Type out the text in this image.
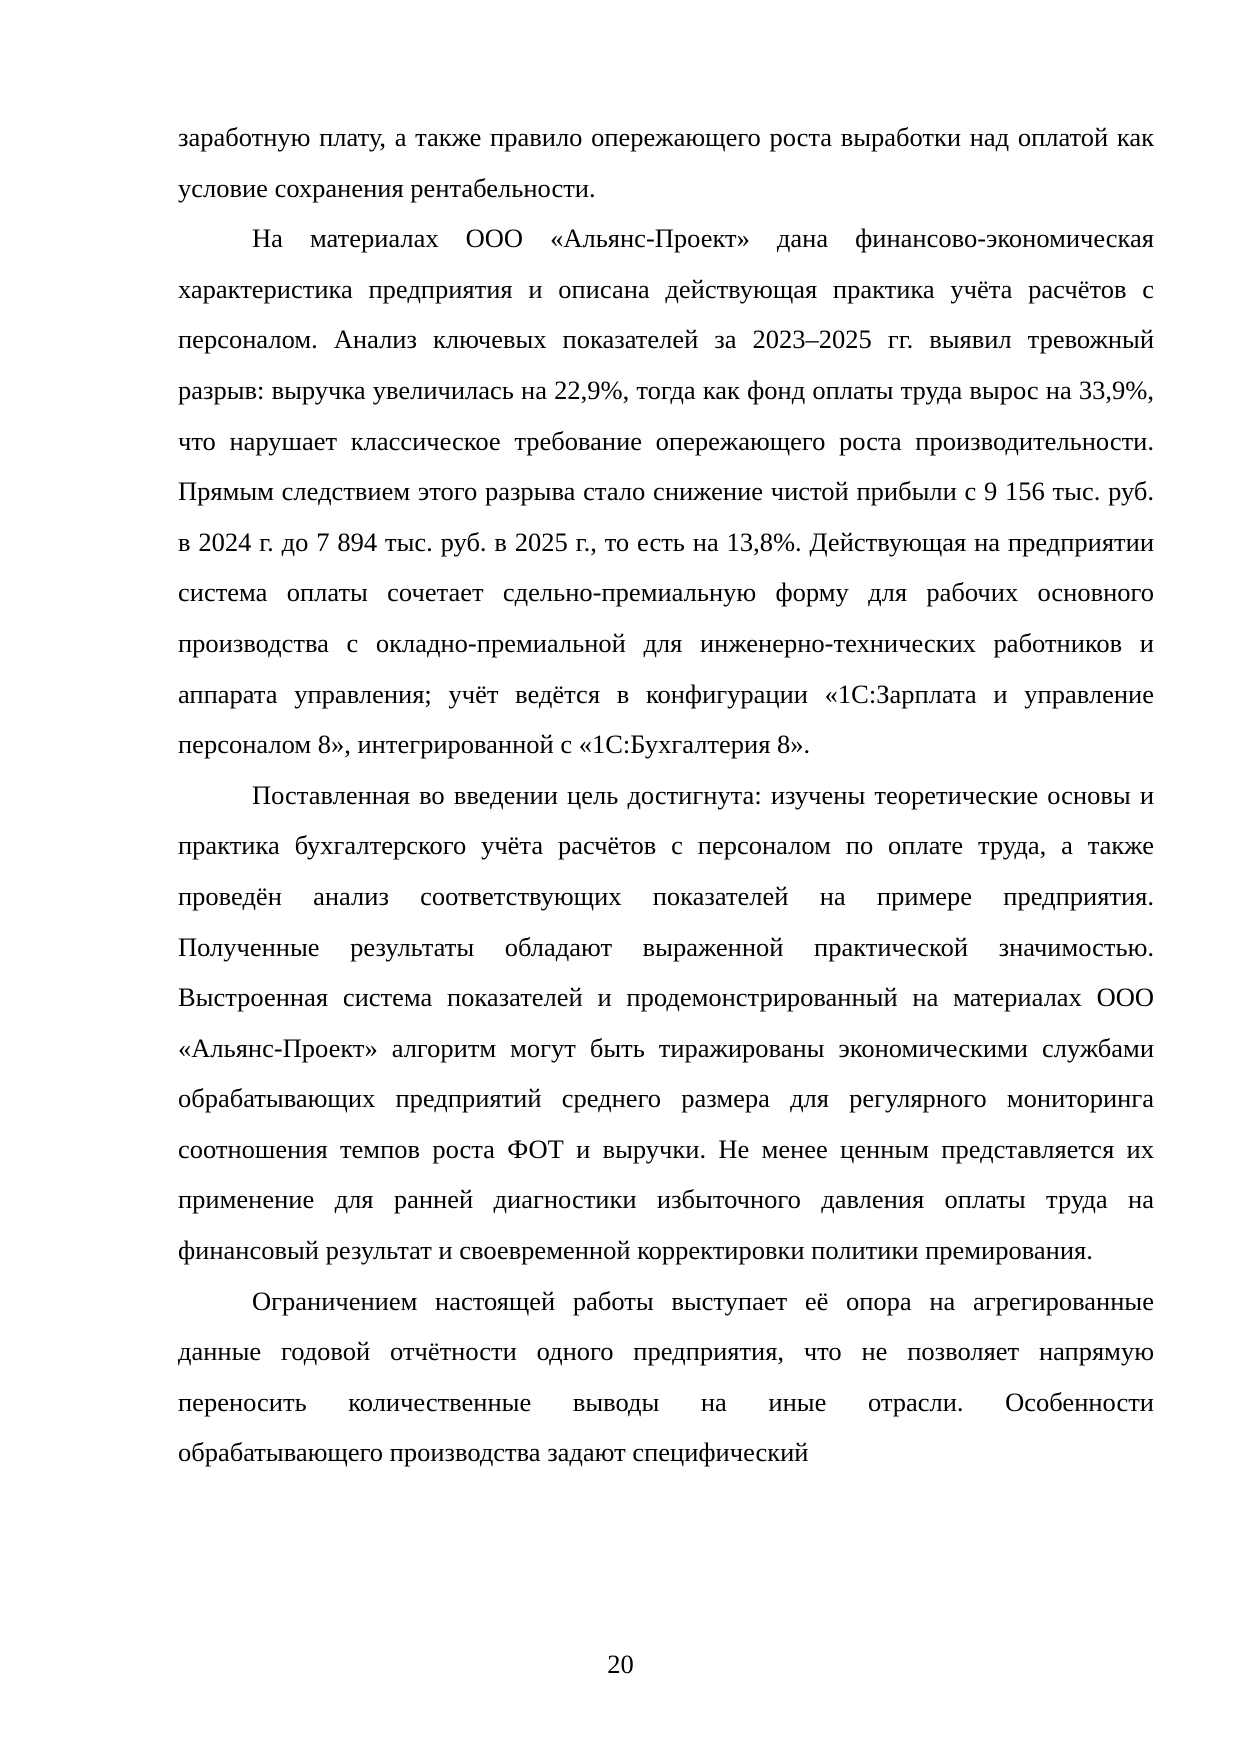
заработную плату, а также правило опережающего роста выработки над оплатой как условие сохранения рентабельности.

На материалах ООО «Альянс-Проект» дана финансово-экономическая характеристика предприятия и описана действующая практика учёта расчётов с персоналом. Анализ ключевых показателей за 2023–2025 гг. выявил тревожный разрыв: выручка увеличилась на 22,9%, тогда как фонд оплаты труда вырос на 33,9%, что нарушает классическое требование опережающего роста производительности. Прямым следствием этого разрыва стало снижение чистой прибыли с 9 156 тыс. руб. в 2024 г. до 7 894 тыс. руб. в 2025 г., то есть на 13,8%. Действующая на предприятии система оплаты сочетает сдельно-премиальную форму для рабочих основного производства с окладно-премиальной для инженерно-технических работников и аппарата управления; учёт ведётся в конфигурации «1С:Зарплата и управление персоналом 8», интегрированной с «1С:Бухгалтерия 8».

Поставленная во введении цель достигнута: изучены теоретические основы и практика бухгалтерского учёта расчётов с персоналом по оплате труда, а также проведён анализ соответствующих показателей на примере предприятия. Полученные результаты обладают выраженной практической значимостью. Выстроенная система показателей и продемонстрированный на материалах ООО «Альянс-Проект» алгоритм могут быть тиражированы экономическими службами обрабатывающих предприятий среднего размера для регулярного мониторинга соотношения темпов роста ФОТ и выручки. Не менее ценным представляется их применение для ранней диагностики избыточного давления оплаты труда на финансовый результат и своевременной корректировки политики премирования.

Ограничением настоящей работы выступает её опора на агрегированные данные годовой отчётности одного предприятия, что не позволяет напрямую переносить количественные выводы на иные отрасли. Особенности обрабатывающего производства задают специфический

20
